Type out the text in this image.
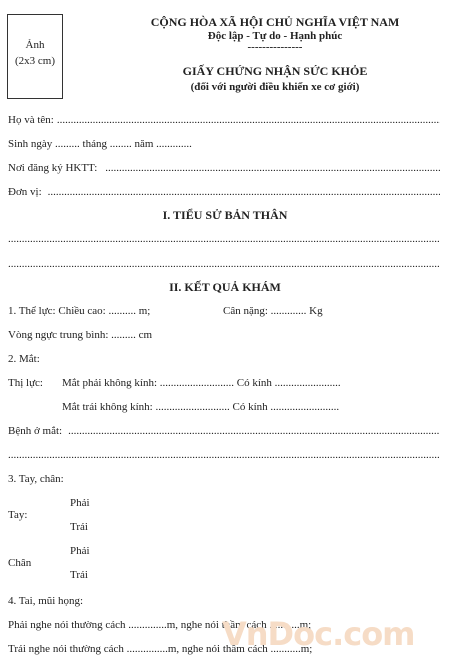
Ảnh
(2x3 cm)
CỘNG HÒA XÃ HỘI CHỦ NGHĨA VIỆT NAM
Độc lập - Tự do - Hạnh phúc
---------------
GIẤY CHỨNG NHẬN SỨC KHỎE
(đối với người điều khiển xe cơ giới)
Họ và tên:
.....
Sinh ngày ......... tháng ........ năm .............
Nơi đăng ký HKTT:
.....
Đơn vị:
.....
I. TIỂU SỬ BẢN THÂN
.....
.....
II. KẾT QUẢ KHÁM
1. Thể lực: Chiều cao: .......... m;	Cân nặng: ............. Kg
Vòng ngực trung bình: ......... cm
2. Mắt:
Thị lực: Mắt phải không kính: ........................... Có kính ........................
Mắt trái không kính: ........................... Có kính .........................
Bệnh ở mắt:
.....
.....
3. Tay, chân:
Phải
Tay:
Trái
Phải
Chân
Trái
4. Tai, mũi họng:
Phải nghe nói thường cách ..............m, nghe nói thầm cách ...........m;
Trái nghe nói thường cách ...............m, nghe nói thầm cách ...........m;
VnDoc.com
